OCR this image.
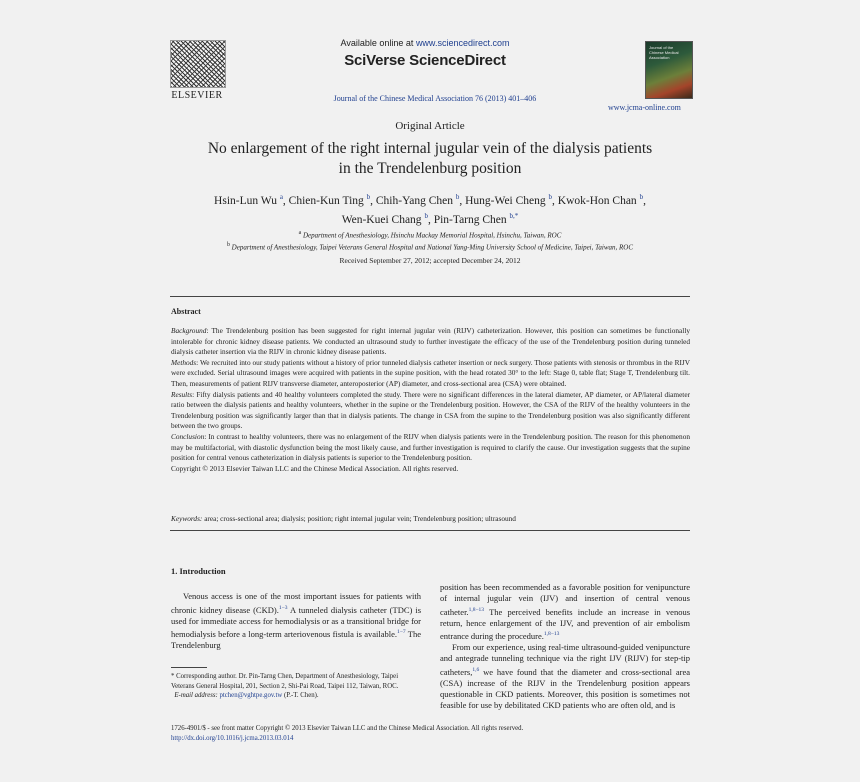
ELSEVIER
Available online at www.sciencedirect.com
SciVerse ScienceDirect
Journal of the Chinese Medical Association 76 (2013) 401–406
Journal of the Chinese Medical Association
www.jcma-online.com
Original Article
No enlargement of the right internal jugular vein of the dialysis patients
in the Trendelenburg position
Hsin-Lun Wu $^a$, Chien-Kun Ting $^b$, Chih-Yang Chen $^b$, Hung-Wei Cheng $^b$, Kwok-Hon Chan $^b$,
Wen-Kuei Chang $^b$, Pin-Tarng Chen $^{b,*}$
$^a$ Department of Anesthesiology, Hsinchu Mackay Memorial Hospital, Hsinchu, Taiwan, ROC
$^b$ Department of Anesthesiology, Taipei Veterans General Hospital and National Yang-Ming University School of Medicine, Taipei, Taiwan, ROC
Received September 27, 2012; accepted December 24, 2012
Abstract

Background: The Trendelenburg position has been suggested for right internal jugular vein (RIJV) catheterization. However, this position can sometimes be functionally intolerable for chronic kidney disease patients. We conducted an ultrasound study to further investigate the efficacy of the use of the Trendelenburg position during tunneled dialysis catheter insertion via the RIJV in chronic kidney disease patients.

Methods: We recruited into our study patients without a history of prior tunneled dialysis catheter insertion or neck surgery. Those patients with stenosis or thrombus in the RIJV were excluded. Serial ultrasound images were acquired with patients in the supine position, with the head rotated 30° to the left: Stage 0, table flat; Stage T, Trendelenburg tilt. Then, measurements of patient RIJV transverse diameter, anteroposterior (AP) diameter, and cross-sectional area (CSA) were obtained.

Results: Fifty dialysis patients and 40 healthy volunteers completed the study. There were no significant differences in the lateral diameter, AP diameter, or AP/lateral diameter ratio between the dialysis patients and healthy volunteers, whether in the supine or the Trendelenburg position. However, the CSA of the RIJV of the healthy volunteers in the Trendelenburg position was significantly larger than that in dialysis patients. The change in CSA from the supine to the Trendelenburg position was also significantly different between the two groups.

Conclusion: In contrast to healthy volunteers, there was no enlargement of the RIJV when dialysis patients were in the Trendelenburg position. The reason for this phenomenon may be multifactorial, with diastolic dysfunction being the most likely cause, and further investigation is required to clarify the cause. Our investigation suggests that the supine position for central venous catheterization in dialysis patients is superior to the Trendelenburg position.

Copyright © 2013 Elsevier Taiwan LLC and the Chinese Medical Association. All rights reserved.

Keywords: area; cross-sectional area; dialysis; position; right internal jugular vein; Trendelenburg position; ultrasound
1. Introduction

Venous access is one of the most important issues for patients with chronic kidney disease (CKD).$^{1-3}$ A tunneled dialysis catheter (TDC) is used for immediate access for hemodialysis or as a transitional bridge for hemodialysis before a long-term arteriovenous fistula is available.$^{1-7}$ The Trendelenburg

position has been recommended as a favorable position for venipuncture of internal jugular vein (IJV) and insertion of central venous catheter.$^{1,8-13}$ The perceived benefits include an increase in venous return, hence enlargement of the IJV, and prevention of air embolism entrance during the procedure.$^{1,8-13}$

From our experience, using real-time ultrasound-guided venipuncture and antegrade tunneling technique via the right IJV (RIJV) for step-tip catheters,$^{1,6}$ we have found that the diameter and cross-sectional area (CSA) increase of the RIJV in the Trendelenburg position appears questionable in CKD patients. Moreover, this position is sometimes not feasible for use by debilitated CKD patients who are often old, and is

* Corresponding author. Dr. Pin-Tarng Chen, Department of Anesthesiology, Taipei Veterans General Hospital, 201, Section 2, Shi-Pai Road, Taipei 112, Taiwan, ROC.
E-mail address: ptchen@vghtpe.gov.tw (P.-T. Chen).
1726-4901/$ - see front matter Copyright © 2013 Elsevier Taiwan LLC and the Chinese Medical Association. All rights reserved.
http://dx.doi.org/10.1016/j.jcma.2013.03.014
